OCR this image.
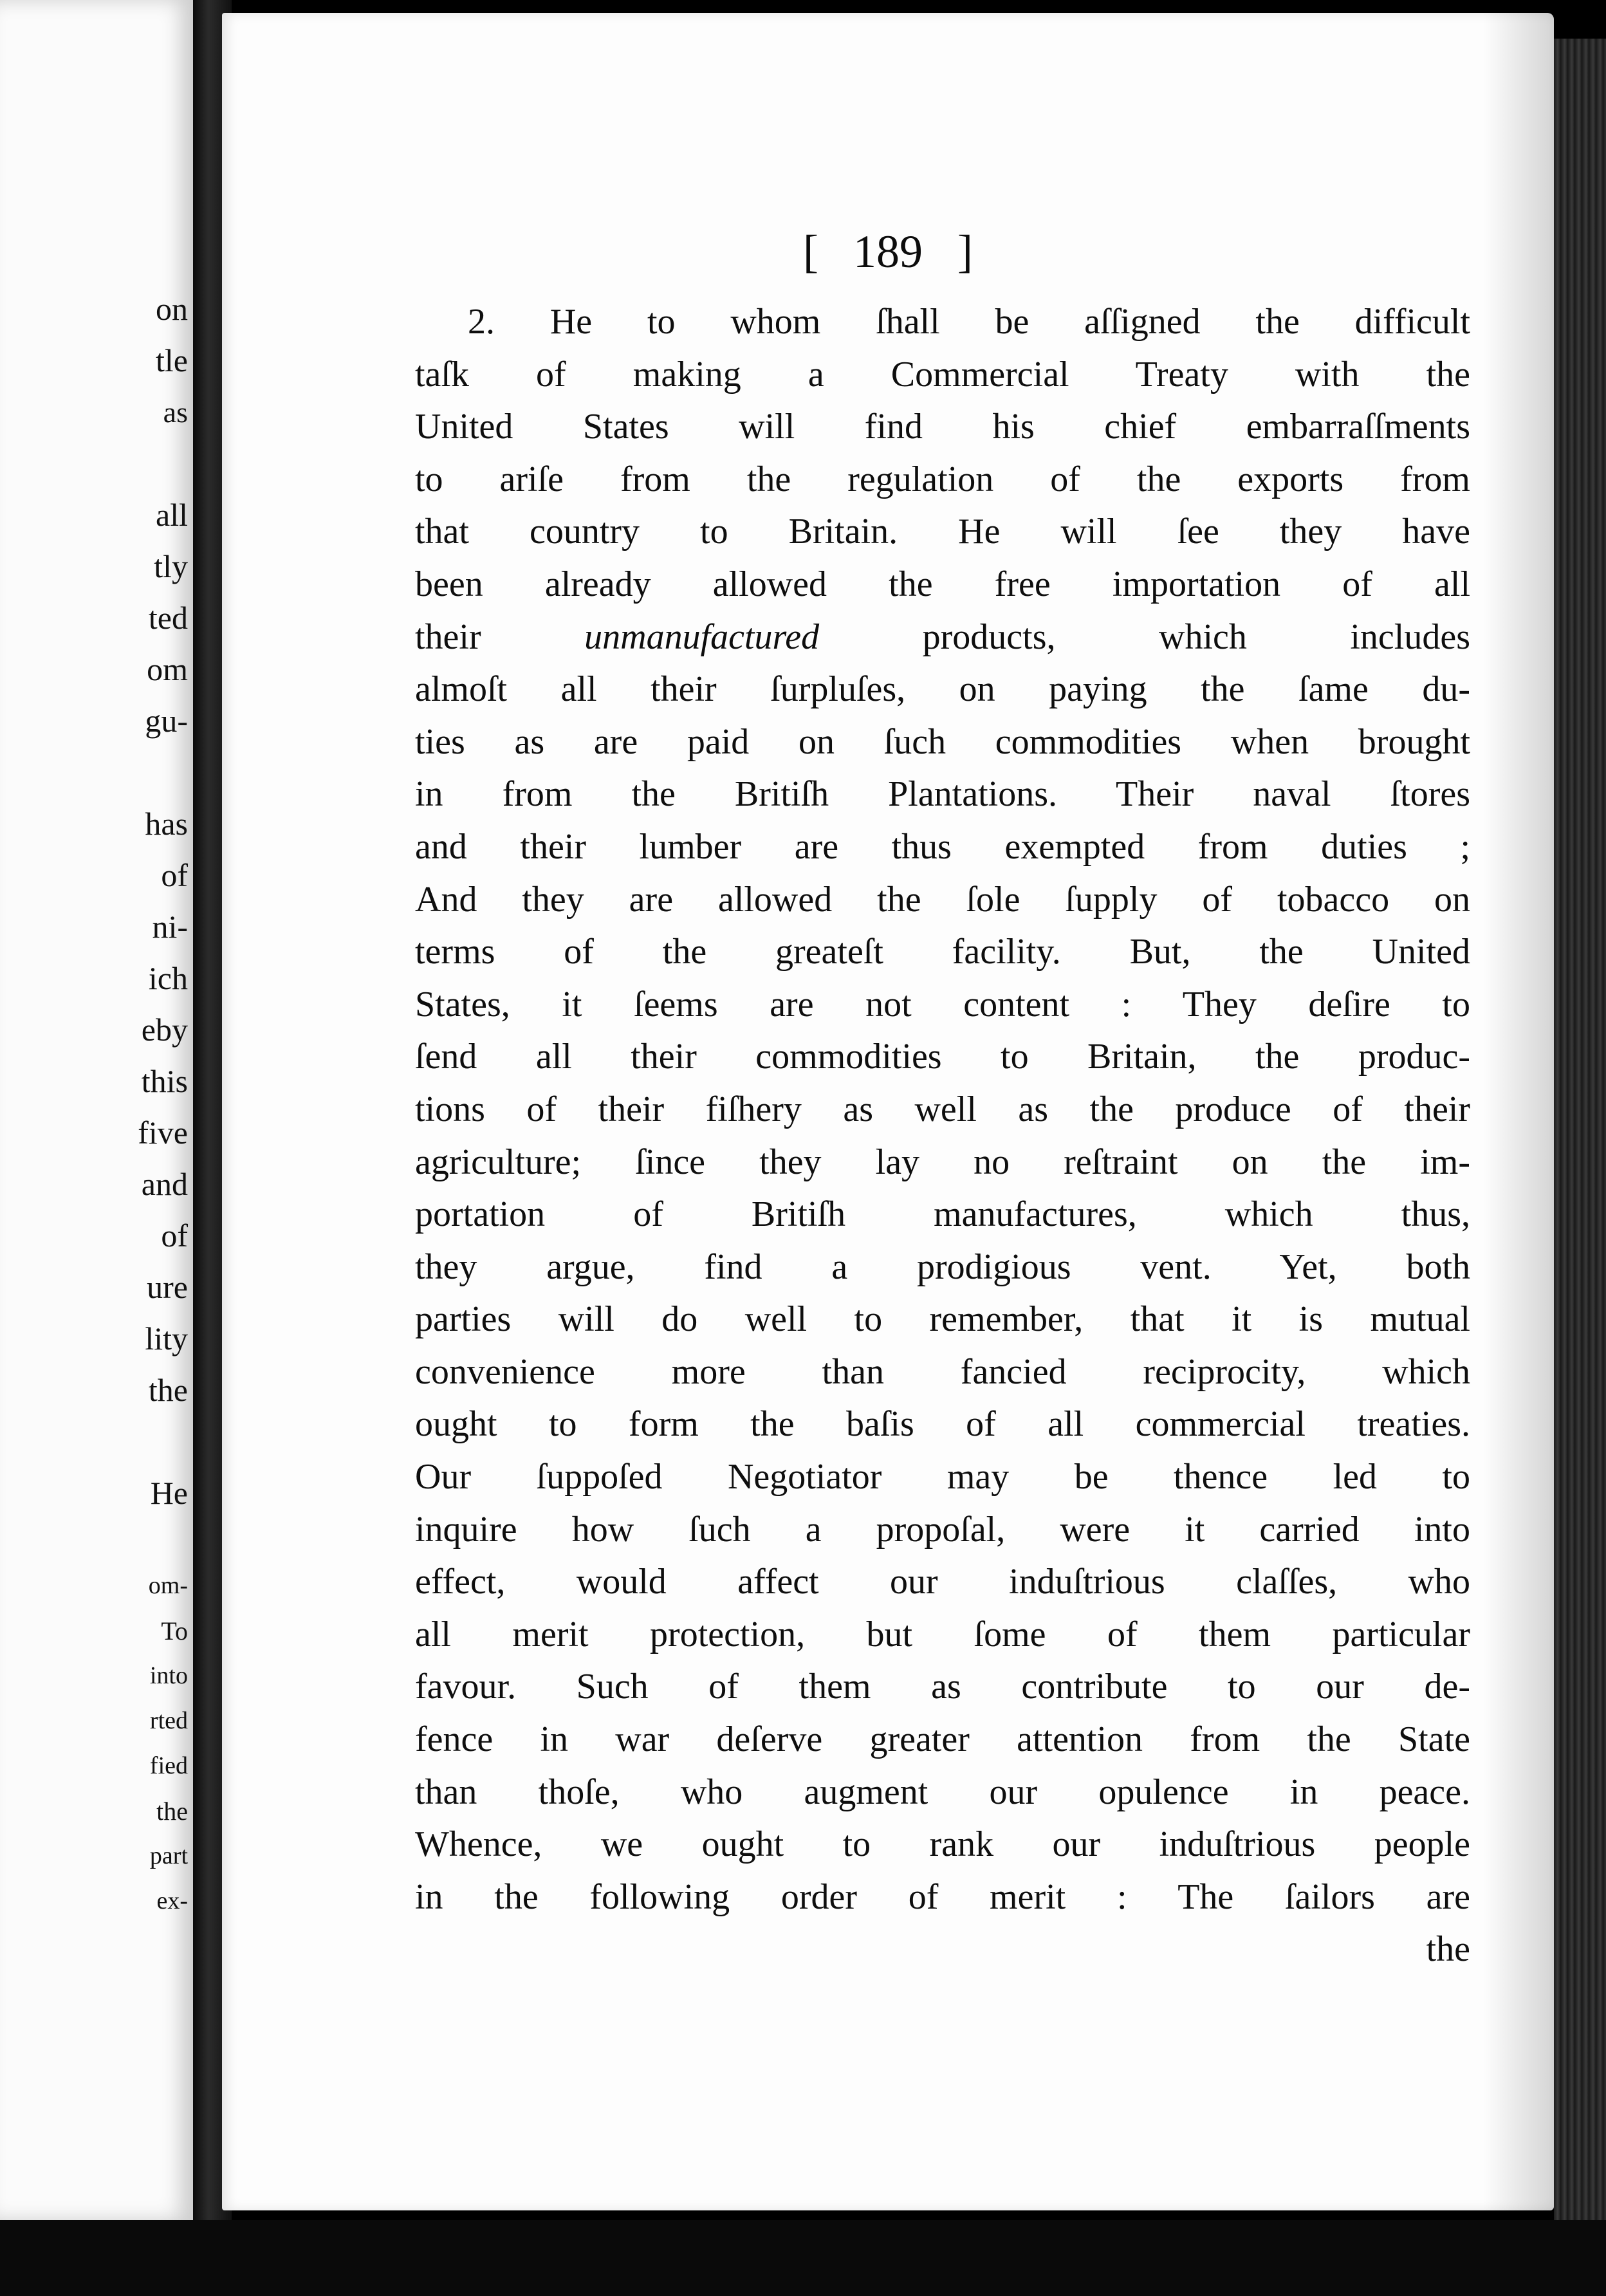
on
tle
as
all
tly
ted
om
gu-
has
of
ni-
ich
eby
this
five
and
of
ure
lity
the
He
om-
To
into
rted
fied
the
part
ex-
[ 189 ]
2. He to whom ſhall be aſſigned the difficult
taſk of making a Commercial Treaty with the
United States will find his chief embarraſſments
to ariſe from the regulation of the exports from
that country to Britain. He will ſee they have
been already allowed the free importation of all
their unmanufactured products, which includes
almoſt all their ſurpluſes, on paying the ſame du-
ties as are paid on ſuch commodities when brought
in from the Britiſh Plantations. Their naval ſtores
and their lumber are thus exempted from duties ;
And they are allowed the ſole ſupply of tobacco on
terms of the greateſt facility. But, the United
States, it ſeems are not content : They deſire to
ſend all their commodities to Britain, the produc-
tions of their fiſhery as well as the produce of their
agriculture; ſince they lay no reſtraint on the im-
portation of Britiſh manufactures, which thus,
they argue, find a prodigious vent. Yet, both
parties will do well to remember, that it is mutual
convenience more than fancied reciprocity, which
ought to form the baſis of all commercial treaties.
Our ſuppoſed Negotiator may be thence led to
inquire how ſuch a propoſal, were it carried into
effect, would affect our induſtrious claſſes, who
all merit protection, but ſome of them particular
favour. Such of them as contribute to our de-
fence in war deſerve greater attention from the State
than thoſe, who augment our opulence in peace.
Whence, we ought to rank our induſtrious people
in the following order of merit : The ſailors are
the
